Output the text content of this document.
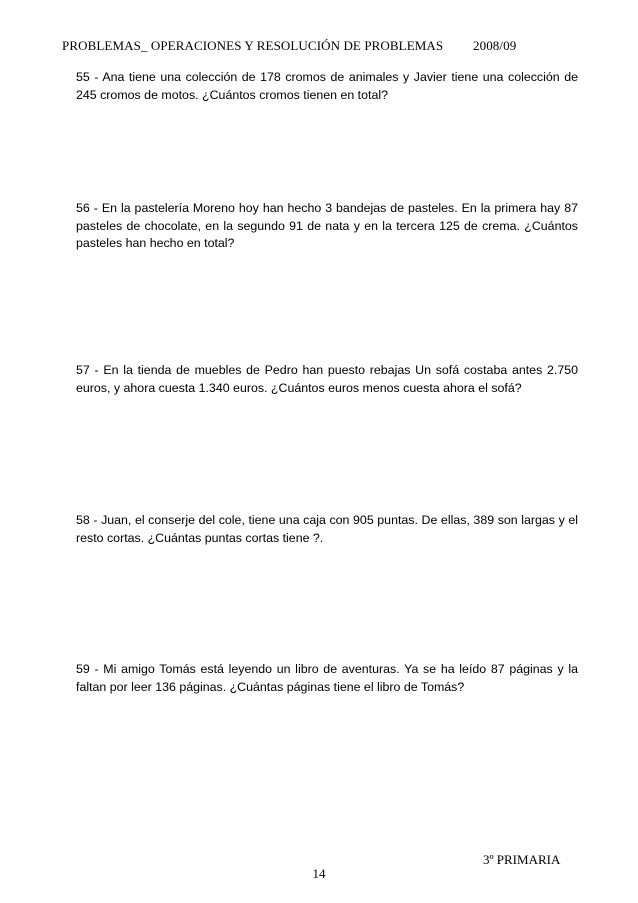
PROBLEMAS_ OPERACIONES Y RESOLUCIÓN DE PROBLEMAS 2008/09
55 - Ana tiene una colección de 178 cromos de animales y Javier tiene una colección de 245 cromos de motos. ¿Cuántos cromos tienen en total?
56 - En la pastelería Moreno hoy han hecho 3 bandejas de pasteles. En la primera hay 87 pasteles de chocolate, en la segundo 91 de nata y en la tercera 125 de crema. ¿Cuántos pasteles han hecho en total?
57 - En la tienda de muebles de Pedro han puesto rebajas Un sofá costaba antes 2.750 euros, y ahora cuesta 1.340 euros. ¿Cuántos euros menos cuesta ahora el sofá?
58 - Juan, el conserje del cole, tiene una caja con 905 puntas. De ellas, 389 son largas y el resto cortas. ¿Cuántas puntas cortas tiene ?.
59 - Mi amigo Tomás está leyendo un libro de aventuras. Ya se ha leído 87 páginas y la faltan por leer 136 páginas. ¿Cuántas páginas tiene el libro de Tomás?
3º PRIMARIA
14
